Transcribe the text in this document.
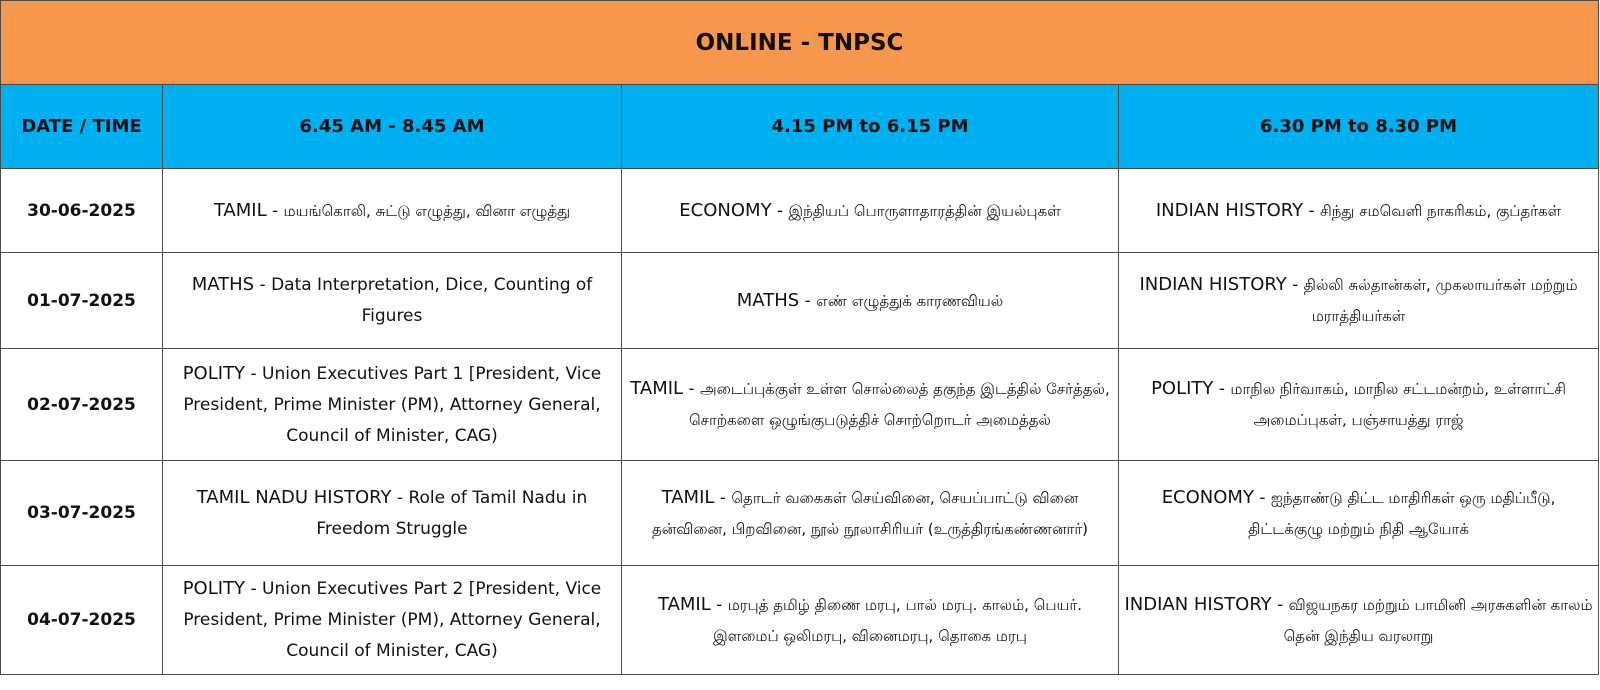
ONLINE - TNPSC			
DATE / TIME	6.45 AM - 8.45 AM	4.15 PM to 6.15 PM	6.30 PM to 8.30 PM
30-06-2025	TAMIL - மயங்கொலி, சுட்டு எழுத்து, வினா எழுத்து	ECONOMY - இந்தியப் பொருளாதாரத்தின் இயல்புகள்	INDIAN HISTORY - சிந்து சமவெளி நாகரிகம், குப்தர்கள்
01-07-2025	MATHS - Data Interpretation, Dice, Counting of Figures	MATHS - எண் எழுத்துக் காரணவியல்	INDIAN HISTORY - தில்லி சுல்தான்கள், முகலாயர்கள் மற்றும் மராத்தியர்கள்
02-07-2025	POLITY - Union Executives Part 1 [President, Vice President, Prime Minister (PM), Attorney General, Council of Minister, CAG)	TAMIL - அடைப்புக்குள் உள்ள சொல்லைத் தகுந்த இடத்தில் சேர்த்தல், சொற்களை ஒழுங்குபடுத்திச் சொற்றொடர் அமைத்தல்	POLITY - மாநில நிர்வாகம், மாநில சட்டமன்றம், உள்ளாட்சி அமைப்புகள், பஞ்சாயத்து ராஜ்
03-07-2025	TAMIL NADU HISTORY - Role of Tamil Nadu in Freedom Struggle	TAMIL - தொடர் வகைகள் செய்வினை, செயப்பாட்டு வினை தன்வினை, பிறவினை, நூல் நூலாசிரியர் (உருத்திரங்கண்ணனார்)	ECONOMY - ஐந்தாண்டு திட்ட மாதிரிகள் ஒரு மதிப்பீடு, திட்டக்குழு மற்றும் நிதி ஆயோக்
04-07-2025	POLITY - Union Executives Part 2 [President, Vice President, Prime Minister (PM), Attorney General, Council of Minister, CAG)	TAMIL - மரபுத் தமிழ் திணை மரபு, பால் மரபு. காலம், பெயர். இளமைப் ஒலிமரபு, வினைமரபு, தொகை மரபு	INDIAN HISTORY - விஜயநகர மற்றும் பாமினி அரசுகளின் காலம் தென் இந்திய வரலாறு
